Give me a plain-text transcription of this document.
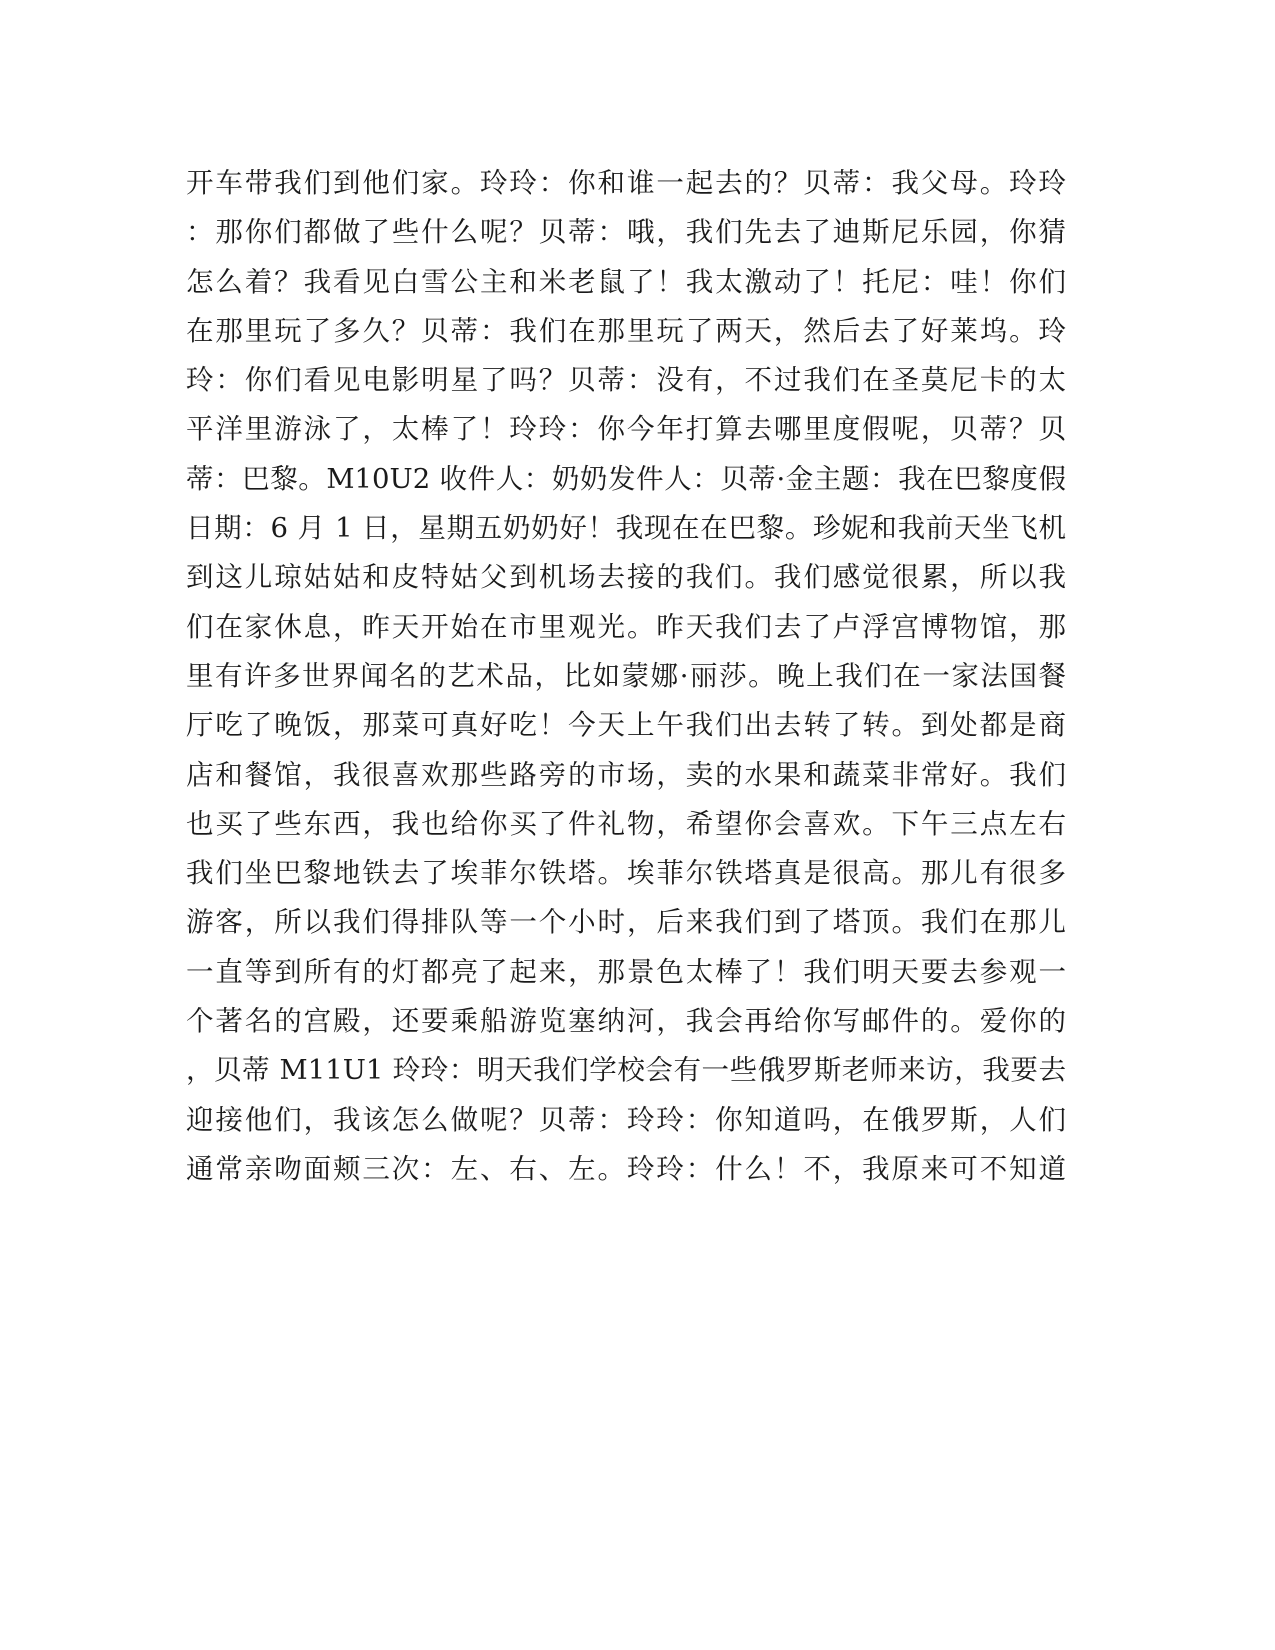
开车带我们到他们家。玲玲：你和谁一起去的？贝蒂：我父母。玲玲
：那你们都做了些什么呢？贝蒂：哦，我们先去了迪斯尼乐园，你猜
怎么着？我看见白雪公主和米老鼠了！我太激动了！托尼：哇！你们
在那里玩了多久？贝蒂：我们在那里玩了两天，然后去了好莱坞。玲
玲：你们看见电影明星了吗？贝蒂：没有，不过我们在圣莫尼卡的太
平洋里游泳了，太棒了！玲玲：你今年打算去哪里度假呢，贝蒂？贝
蒂：巴黎。M10U2 收件人：奶奶发件人：贝蒂·金主题：我在巴黎度假
日期：6 月 1 日，星期五奶奶好！我现在在巴黎。珍妮和我前天坐飞机
到这儿琼姑姑和皮特姑父到机场去接的我们。我们感觉很累，所以我
们在家休息，昨天开始在市里观光。昨天我们去了卢浮宫博物馆，那
里有许多世界闻名的艺术品，比如蒙娜·丽莎。晚上我们在一家法国餐
厅吃了晚饭，那菜可真好吃！今天上午我们出去转了转。到处都是商
店和餐馆，我很喜欢那些路旁的市场，卖的水果和蔬菜非常好。我们
也买了些东西，我也给你买了件礼物，希望你会喜欢。下午三点左右
我们坐巴黎地铁去了埃菲尔铁塔。埃菲尔铁塔真是很高。那儿有很多
游客，所以我们得排队等一个小时，后来我们到了塔顶。我们在那儿
一直等到所有的灯都亮了起来，那景色太棒了！我们明天要去参观一
个著名的宫殿，还要乘船游览塞纳河，我会再给你写邮件的。爱你的
，贝蒂 M11U1 玲玲：明天我们学校会有一些俄罗斯老师来访，我要去
迎接他们，我该怎么做呢？贝蒂：玲玲：你知道吗，在俄罗斯，人们
通常亲吻面颊三次：左、右、左。玲玲：什么！不，我原来可不知道
